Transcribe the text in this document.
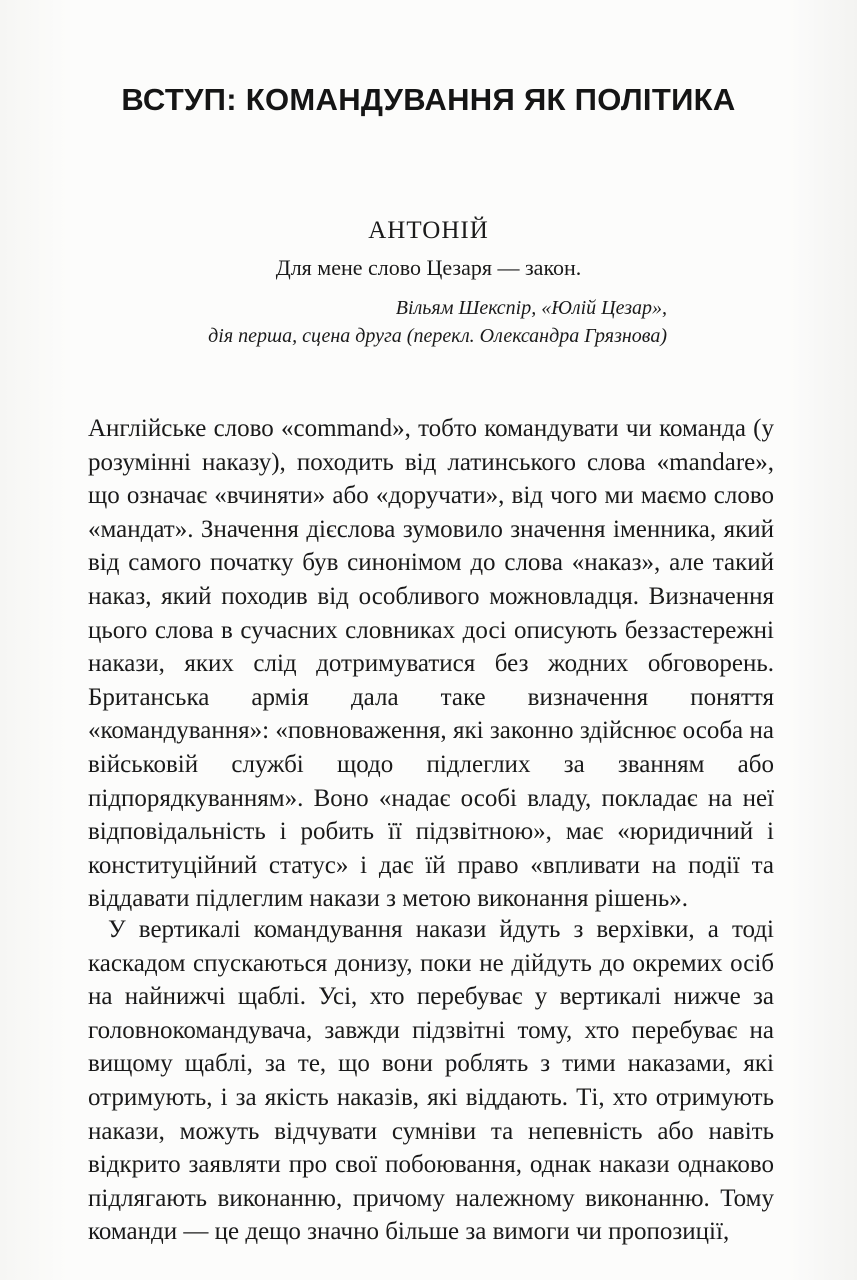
ВСТУП: КОМАНДУВАННЯ ЯК ПОЛІТИКА
АНТОНІЙ
Для мене слово Цезаря — закон.
Вільям Шекспір, «Юлій Цезар»,
дія перша, сцена друга (перекл. Олександра Грязнова)

Англійське слово «command», тобто командувати чи команда (у розумінні наказу), походить від латинського слова «mandare», що означає «вчиняти» або «доручати», від чого ми маємо слово «мандат». Значення дієслова зумовило значення іменника, який від самого початку був синонімом до слова «наказ», але такий наказ, який походив від особливого можновладця. Визначення цього слова в сучасних словниках досі описують беззастережні накази, яких слід дотримуватися без жодних обговорень. Британська армія дала таке визначення поняття «командування»: «повноваження, які законно здійснює особа на військовій службі щодо підлеглих за званням або підпорядкуванням». Воно «надає особі владу, покладає на неї відповідальність і робить її підзвітною», має «юридичний і конституційний статус» і дає їй право «впливати на події та віддавати підлеглим накази з метою виконання рішень».

У вертикалі командування накази йдуть з верхівки, а тоді каскадом спускаються донизу, поки не дійдуть до окремих осіб на найнижчі щаблі. Усі, хто перебуває у вертикалі нижче за головнокомандувача, завжди підзвітні тому, хто перебуває на вищому щаблі, за те, що вони роблять з тими наказами, які отримують, і за якість наказів, які віддають. Ті, хто отримують накази, можуть відчувати сумніви та непевність або навіть відкрито заявляти про свої побоювання, однак накази однаково підлягають виконанню, причому належному виконанню. Тому команди — це дещо значно більше за вимоги чи пропозиції,
